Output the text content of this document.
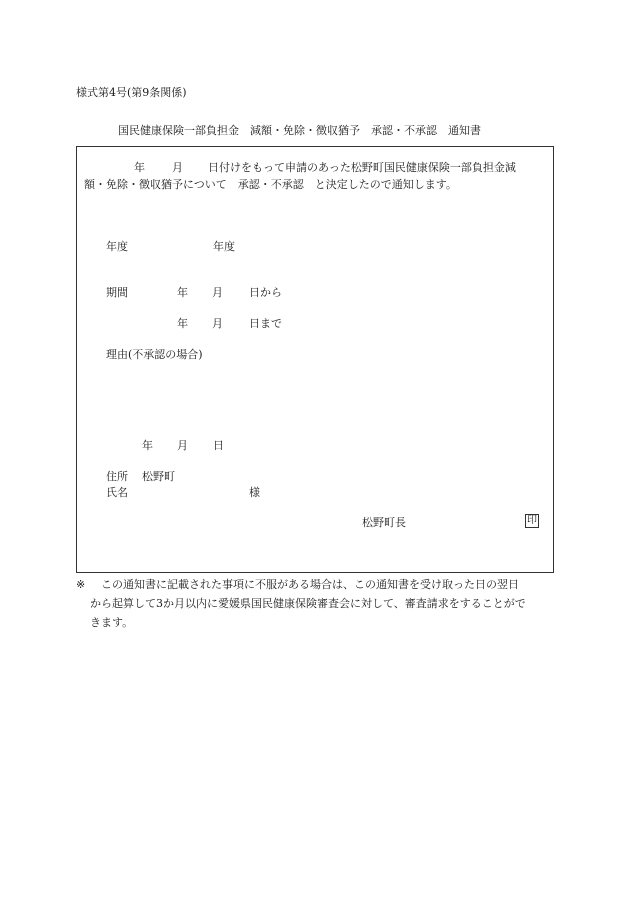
様式第4号(第9条関係)
国民健康保険一部負担金　減額・免除・徴収猶予　承認・不承認　通知書
年 月 日付けをもって申請のあった松野町国民健康保険一部負担金減
額・免除・徴収猶予について　承認・不承認　と決定したので通知します。
年度	年度
期間	年 月 日から
年 月 日まで
理由(不承認の場合)
年 月 日
住所 松野町
氏名	様
松野町長	印
※ この通知書に記載された事項に不服がある場合は、この通知書を受け取った日の翌日
から起算して3か月以内に愛媛県国民健康保険審査会に対して、審査請求をすることがで
きます。
